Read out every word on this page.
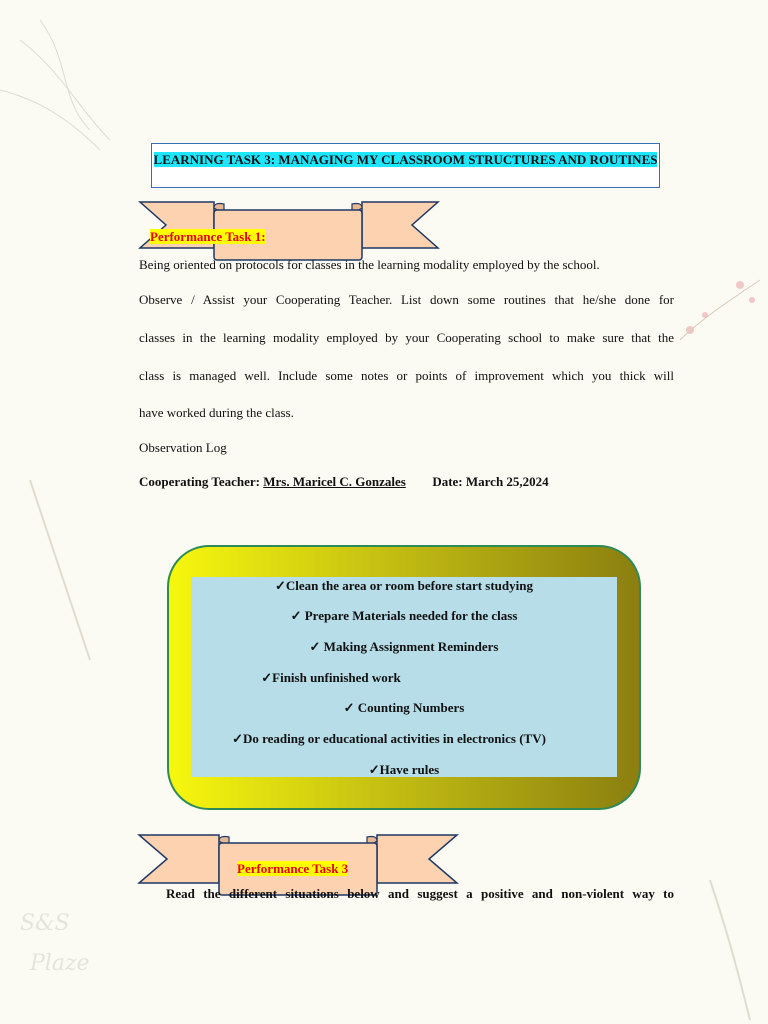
S&S
Plaze
LEARNING TASK 3: MANAGING MY CLASSROOM STRUCTURES AND ROUTINES
Performance Task 1:
Being oriented on protocols for classes in the learning modality employed by the school.
Observe / Assist your Cooperating Teacher. List down some routines that he/she done for
classes in the learning modality employed by your Cooperating school to make sure that the
class is managed well. Include some notes or points of improvement which you thick will
have worked during the class.
Observation Log
Cooperating Teacher: Mrs. Maricel C. Gonzales Date: March 25,2024
✓Clean the area or room before start studying
✓ Prepare Materials needed for the class
✓ Making Assignment Reminders
✓Finish unfinished work
✓ Counting Numbers
✓Do reading or educational activities in electronics (TV)
✓Have rules
Performance Task 3
Read the different situations below and suggest a positive and non-violent way to
